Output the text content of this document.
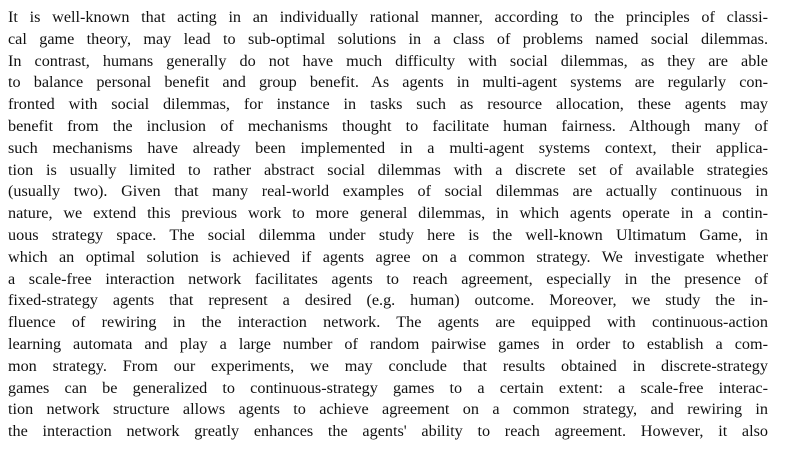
It is well-known that acting in an individually rational manner, according to the principles of classi-
cal game theory, may lead to sub-optimal solutions in a class of problems named social dilemmas.
In contrast, humans generally do not have much difficulty with social dilemmas, as they are able
to balance personal benefit and group benefit. As agents in multi-agent systems are regularly con-
fronted with social dilemmas, for instance in tasks such as resource allocation, these agents may
benefit from the inclusion of mechanisms thought to facilitate human fairness. Although many of
such mechanisms have already been implemented in a multi-agent systems context, their applica-
tion is usually limited to rather abstract social dilemmas with a discrete set of available strategies
(usually two). Given that many real-world examples of social dilemmas are actually continuous in
nature, we extend this previous work to more general dilemmas, in which agents operate in a contin-
uous strategy space. The social dilemma under study here is the well-known Ultimatum Game, in
which an optimal solution is achieved if agents agree on a common strategy. We investigate whether
a scale-free interaction network facilitates agents to reach agreement, especially in the presence of
fixed-strategy agents that represent a desired (e.g. human) outcome. Moreover, we study the in-
fluence of rewiring in the interaction network. The agents are equipped with continuous-action
learning automata and play a large number of random pairwise games in order to establish a com-
mon strategy. From our experiments, we may conclude that results obtained in discrete-strategy
games can be generalized to continuous-strategy games to a certain extent: a scale-free interac-
tion network structure allows agents to achieve agreement on a common strategy, and rewiring in
the interaction network greatly enhances the agents' ability to reach agreement. However, it also
